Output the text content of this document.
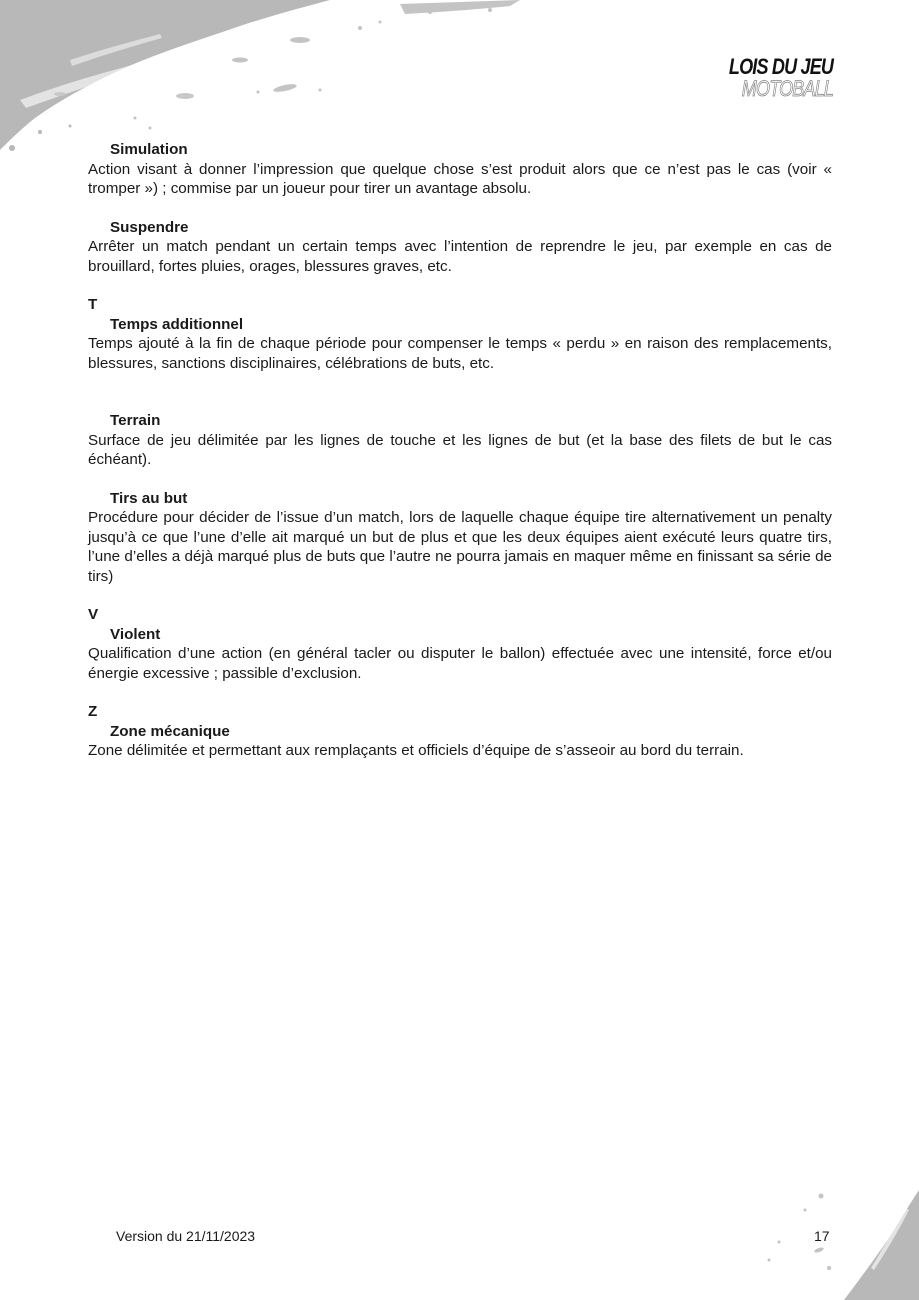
LOIS DU JEU
MOTOBALL

Simulation

Action visant à donner l’impression que quelque chose s’est produit alors que ce n’est pas le cas (voir « tromper ») ; commise par un joueur pour tirer un avantage absolu.

Suspendre

Arrêter un match pendant un certain temps avec l’intention de reprendre le jeu, par exemple en cas de brouillard, fortes pluies, orages, blessures graves, etc.

T

Temps additionnel

Temps ajouté à la fin de chaque période pour compenser le temps « perdu » en raison des remplacements, blessures, sanctions disciplinaires, célébrations de buts, etc.

Terrain

Surface de jeu délimitée par les lignes de touche et les lignes de but (et la base des filets de but le cas échéant).

Tirs au but

Procédure pour décider de l’issue d’un match, lors de laquelle chaque équipe tire alternativement un penalty jusqu’à ce que l’une d’elle ait marqué un but de plus et que les deux équipes aient exécuté leurs quatre tirs, l’une d’elles a déjà marqué plus de buts que l’autre ne pourra jamais en maquer même en finissant sa série de tirs)

V

Violent

Qualification d’une action (en général tacler ou disputer le ballon) effectuée avec une intensité, force et/ou énergie excessive ; passible d’exclusion.

Z

Zone mécanique

Zone délimitée et permettant aux remplaçants et officiels d’équipe de s’asseoir au bord du terrain.

Version du 21/11/2023	17
